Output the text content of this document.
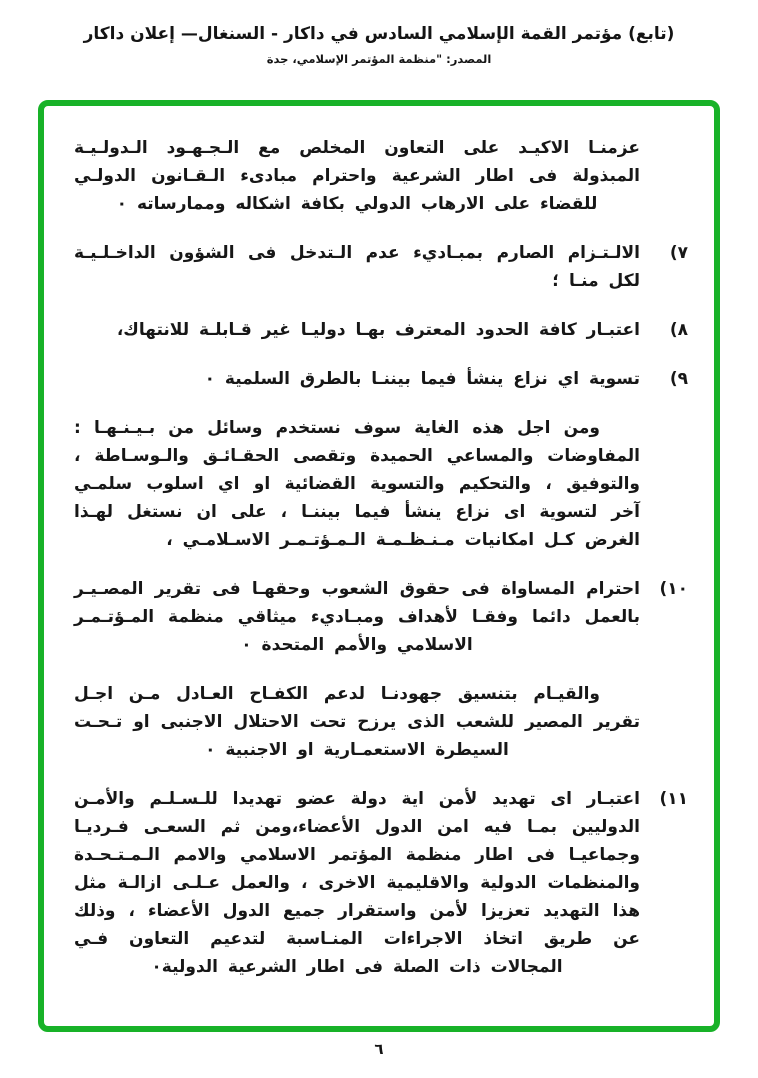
(تابع) مؤتمر القمة الإسلامي السادس في داكار - السنغال— إعلان داكار
المصدر: "منظمة المؤتمر الإسلامي، جدة

عزمنـا الاكيـد على التعاون المخلص مع الـجـهـود الـدولـيـة المبذولة فى اطار الشرعية واحترام مبادىء الـقـانون الدولـي للقضاء على الارهاب الدولي بكافة اشكاله وممارساته ٠

٧)
الالـتـزام الصارم بمبـاديء عدم الـتدخل فى الشؤون الداخـلـيـة لكل منـا ؛
٨)
اعتبـار كافة الحدود المعترف بهـا دوليـا غير قـابلـة للانتهاك،
٩)
تسوية اي نزاع ينشأ فيما بيننـا بالطرق السلمية ٠

ومن اجل هذه الغاية سوف نستخدم وسائل من بـيـنـهـا : المفاوضات والمساعي الحميدة وتقصى الحقـائـق والـوسـاطة ، والتوفيق ، والتحكيم والتسوية القضائية او اي اسلوب سلمـي آخر لتسوية اى نزاع ينشأ فيما بيننـا ، على ان نستغل لهـذا الغرض كـل امكانيات مـنـظـمـة الـمـؤتـمـر الاسـلامـي ،

١٠)
احترام المساواة فى حقوق الشعوب وحقهـا فى تقرير المصـيـر بالعمل دائما وفقـا لأهداف ومبـاديء ميثاقي منظمة المـؤتـمـر الاسلامي والأمم المتحدة ٠

والقيـام بتنسيق جهودنـا لدعم الكفـاح العـادل مـن اجـل تقرير المصير للشعب الذى يرزح تحت الاحتلال الاجنبى او تـحـت السيطرة الاستعمـارية او الاجنبية ٠

١١)
اعتبـار اى تهديد لأمن اية دولة عضو تهديدا للـسـلـم والأمـن الدوليين بمـا فيه امن الدول الأعضاء،ومن ثم السعـى فـرديـا وجماعيـا فى اطار منظمة المؤتمر الاسلامي والامم الـمـتـحـدة والمنظمات الدولية والاقليمية الاخرى ، والعمل عـلـى ازالـة مثل هذا التهديد تعزيزا لأمن واستقرار جميع الدول الأعضاء ، وذلك عن طريق اتخاذ الاجراءات المنـاسبة لتدعيم التعاون فـي المجالات ذات الصلة فى اطار الشرعية الدولية٠
٦
